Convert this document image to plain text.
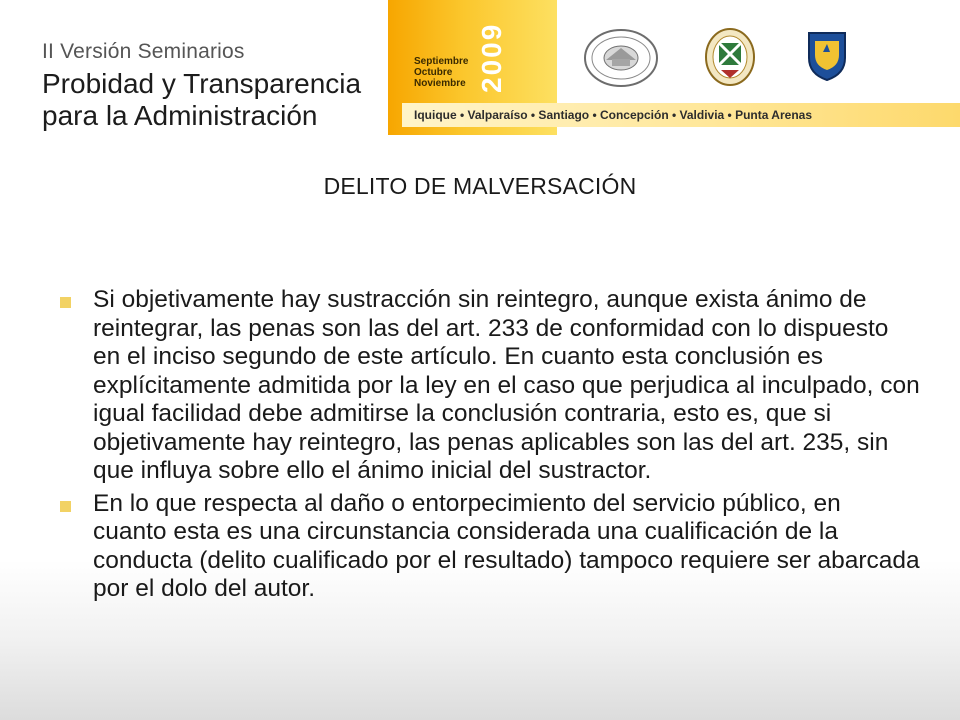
II Versión Seminarios
Probidad y Transparencia
para la Administración
Septiembre
Octubre
Noviembre 2009
Iquique • Valparaíso • Santiago • Concepción • Valdivia • Punta Arenas
DELITO DE MALVERSACIÓN
Si objetivamente hay sustracción sin reintegro, aunque exista ánimo de reintegrar, las penas son las del art. 233 de conformidad con lo dispuesto en el inciso segundo de este artículo. En cuanto esta conclusión es explícitamente admitida por la ley en el caso que perjudica al inculpado, con igual facilidad debe admitirse la conclusión contraria, esto es, que si objetivamente hay reintegro, las penas aplicables son las del art. 235, sin que influya sobre ello el ánimo inicial del sustractor.
En lo que respecta al daño o entorpecimiento del servicio público, en cuanto esta es una circunstancia considerada una cualificación de la conducta (delito cualificado por el resultado) tampoco requiere ser abarcada por el dolo del autor.
